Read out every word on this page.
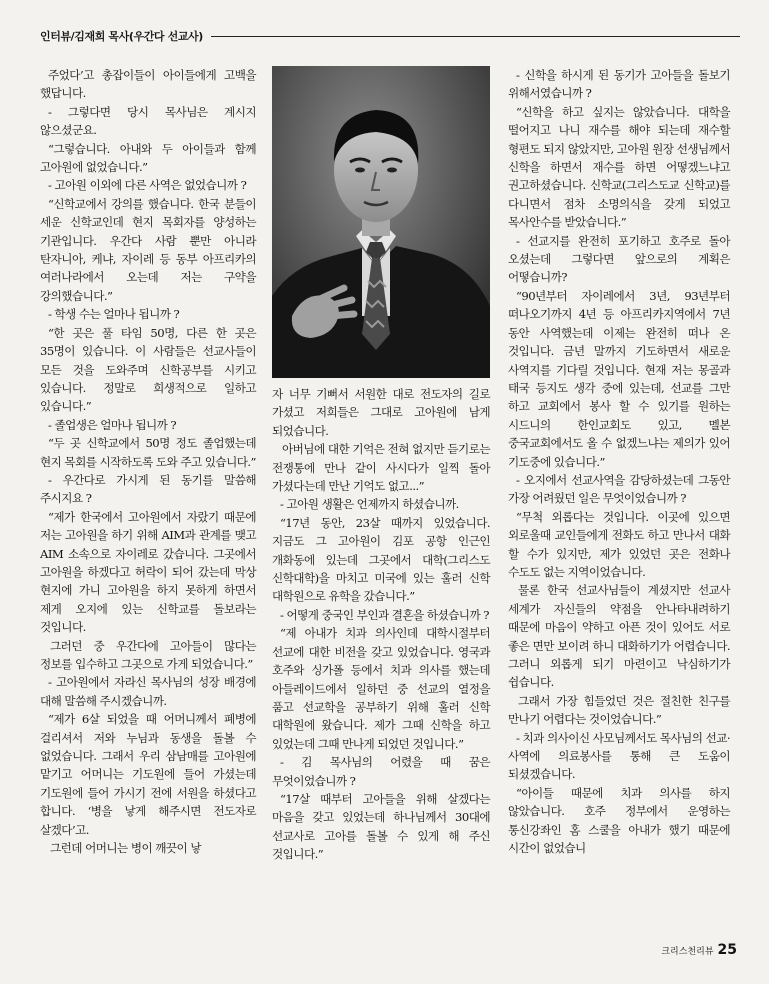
인터뷰/김재희 목사(우간다 선교사)

주었다’고 총잡이들이 아이들에게 고백을 했답니다.

- 그렇다면 당시 목사님은 계시지 않으셨군요.

“그렇습니다. 아내와 두 아이들과 함께 고아원에 없었습니다.”

- 고아원 이외에 다른 사역은 없었습니까 ?

“신학교에서 강의를 했습니다. 한국 분들이 세운 신학교인데 현지 목회자를 양성하는 기관입니다. 우간다 사람 뿐만 아니라 탄자니아, 케냐, 자이레 등 동부 아프리카의 여러나라에서 오는데 저는 구약을 강의했습니다.”

- 학생 수는 얼마나 됩니까 ?

“한 곳은 풀 타임 50명, 다른 한 곳은 35명이 있습니다. 이 사람들은 선교사들이 모든 것을 도와주며 신학공부를 시키고 있습니다. 정말로 희생적으로 일하고 있습니다.”

- 졸업생은 얼마나 됩니까 ?

“두 곳 신학교에서 50명 정도 졸업했는데 현지 목회를 시작하도록 도와 주고 있습니다.”

- 우간다로 가시게 된 동기를 말씀해 주시지요 ?

“제가 한국에서 고아원에서 자랐기 때문에 저는 고아원을 하기 위해 AIM과 관계를 맺고 AIM 소속으로 자이레로 갔습니다. 그곳에서 고아원을 하겠다고 허락이 되어 갔는데 막상 현지에 가니 고아원을 하지 못하게 하면서 제게 오지에 있는 신학교를 돌보라는 것입니다.

그러던 중 우간다에 고아들이 많다는 정보를 입수하고 그곳으로 가게 되었습니다.”

- 고아원에서 자라신 목사님의 성장 배경에 대해 말씀해 주시겠습니까.

“제가 6살 되었을 때 어머니께서 폐병에 걸리셔서 저와 누님과 동생을 돌볼 수 없었습니다. 그래서 우리 삼남매를 고아원에 맡기고 어머니는 기도원에 들어 가셨는데 기도원에 들어 가시기 전에 서원을 하셨다고 합니다. ‘병을 낳게 해주시면 전도자로 살겠다’고.

그런데 어머니는 병이 깨끗이 낳

자 너무 기뻐서 서원한 대로 전도자의 길로 가셨고 저희들은 그대로 고아원에 남게 되었습니다.

아버님에 대한 기억은 전혀 없지만 듣기로는 전쟁통에 만나 같이 사시다가 일찍 돌아 가셨다는데 만난 기억도 없고...”

- 고아원 생활은 언제까지 하셨습니까.

“17년 동안, 23살 때까지 있었습니다. 지금도 그 고아원이 김포 공항 인근인 개화동에 있는데 그곳에서 대학(그리스도 신학대학)을 마치고 미국에 있는 훌러 신학 대학원으로 유학을 갔습니다.”

- 어떻게 중국인 부인과 결혼을 하셨습니까 ?

“제 아내가 치과 의사인데 대학시절부터 선교에 대한 비전을 갖고 있었습니다. 영국과 호주와 싱가폴 등에서 치과 의사를 했는데 아들레이드에서 일하던 중 선교의 열정을 품고 선교학을 공부하기 위해 훌러 신학 대학원에 왔습니다. 제가 그때 신학을 하고 있었는데 그때 만나게 되었던 것입니다.”

- 김 목사님의 어렸을 때 꿈은 무엇이었습니까 ?

“17살 때부터 고아들을 위해 살겠다는 마음을 갖고 있었는데 하나님께서 30대에 선교사로 고아를 돌볼 수 있게 해 주신 것입니다.”

- 신학을 하시게 된 동기가 고아들을 돌보기 위해서였습니까 ?

“신학을 하고 싶지는 않았습니다. 대학을 떨어지고 나니 재수를 해야 되는데 재수할 형편도 되지 않았지만, 고아원 원장 선생님께서 신학을 하면서 재수를 하면 어떻겠느냐고 권고하셨습니다. 신학교(그리스도교 신학교)를 다니면서 점차 소명의식을 갖게 되었고 목사안수를 받았습니다.”

- 선교지를 완전히 포기하고 호주로 돌아 오셨는데 그렇다면 앞으로의 계획은 어떻습니까?

“90년부터 자이레에서 3년, 93년부터 떠나오기까지 4년 등 아프리카지역에서 7년 동안 사역했는데 이제는 완전히 떠나 온 것입니다. 금년 말까지 기도하면서 새로운 사역지를 기다릴 것입니다. 현재 저는 몽골과 태국 등지도 생각 중에 있는데, 선교를 그만 하고 교회에서 봉사 할 수 있기를 원하는 시드니의 한인교회도 있고, 멜본 중국교회에서도 올 수 없겠느냐는 제의가 있어 기도중에 있습니다.”

- 오지에서 선교사역을 감당하셨는데 그동안 가장 어려웠던 일은 무엇이었습니까 ?

“무척 외롭다는 것입니다. 이곳에 있으면 외로울때 교인들에게 전화도 하고 만나서 대화 할 수가 있지만, 제가 있었던 곳은 전화나 수도도 없는 지역이었습니다.

물론 한국 선교사님들이 계셨지만 선교사 세계가 자신들의 약점을 안나타내려하기 때문에 마음이 약하고 아픈 것이 있어도 서로 좋은 면만 보이려 하니 대화하기가 어렵습니다. 그러니 외롭게 되기 마련이고 낙심하기가 쉽습니다.

그래서 가장 힘들었던 것은 절친한 친구를 만나기 어렵다는 것이었습니다.”

- 치과 의사이신 사모님께서도 목사님의 선교·사역에 의료봉사를 통해 큰 도움이 되셨겠습니다.

“아이들 때문에 치과 의사를 하지 않았습니다. 호주 정부에서 운영하는 통신강좌인 홈 스쿨을 아내가 했기 때문에 시간이 없었습니

크리스천리뷰 25
